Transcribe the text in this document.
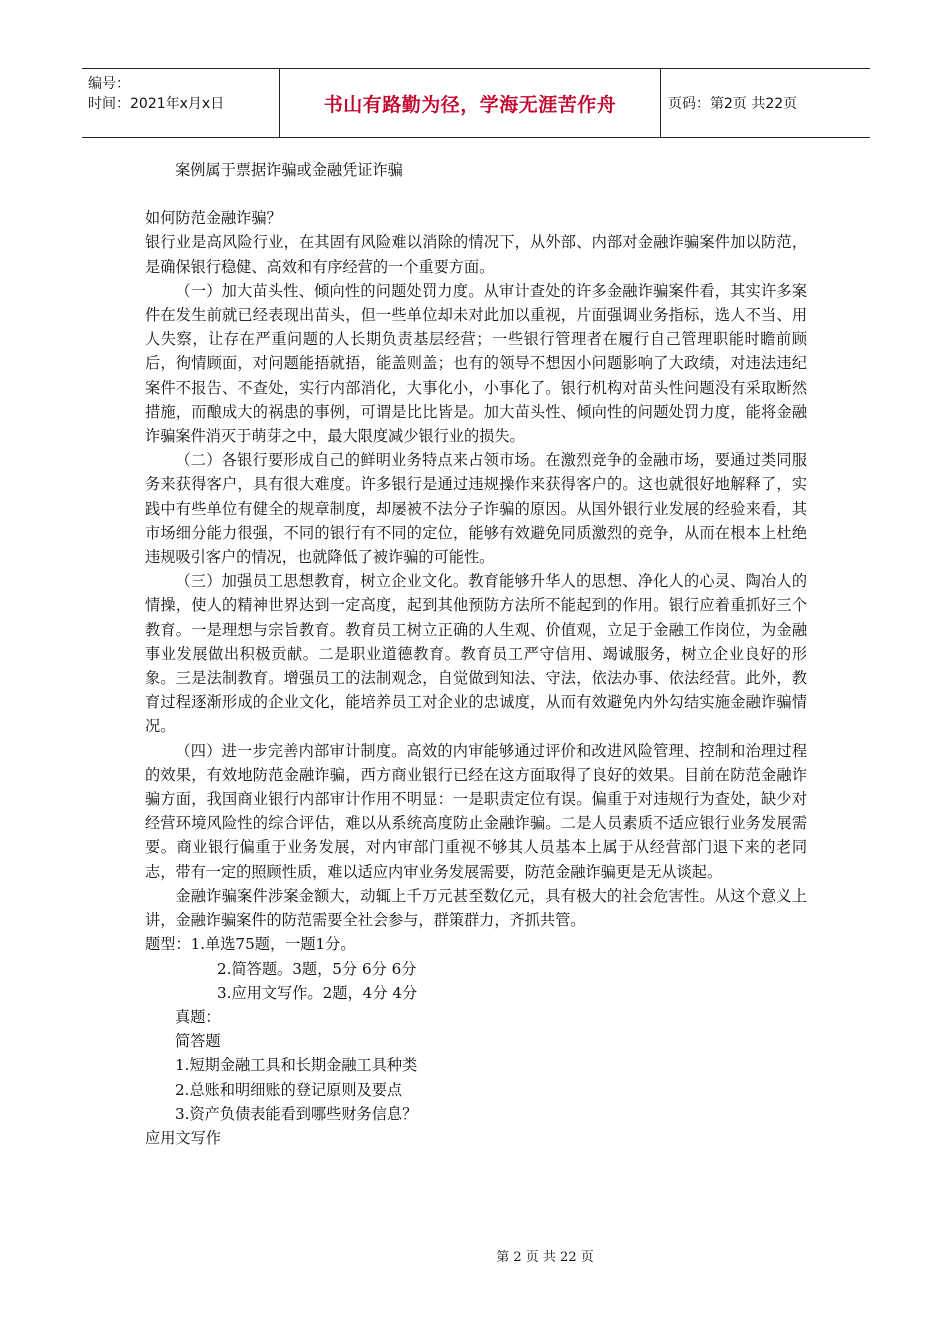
编号：
时间：2021年x月x日	书山有路勤为径，学海无涯苦作舟	页码：第2页 共22页

案例属于票据诈骗或金融凭证诈骗

如何防范金融诈骗？

银行业是高风险行业，在其固有风险难以消除的情况下，从外部、内部对金融诈骗案件加以防范，是确保银行稳健、高效和有序经营的一个重要方面。

（一）加大苗头性、倾向性的问题处罚力度。从审计查处的许多金融诈骗案件看，其实许多案件在发生前就已经表现出苗头，但一些单位却未对此加以重视，片面强调业务指标，选人不当、用人失察，让存在严重问题的人长期负责基层经营；一些银行管理者在履行自己管理职能时瞻前顾后，徇情顾面，对问题能捂就捂，能盖则盖；也有的领导不想因小问题影响了大政绩，对违法违纪案件不报告、不查处，实行内部消化，大事化小，小事化了。银行机构对苗头性问题没有采取断然措施，而酿成大的祸患的事例，可谓是比比皆是。加大苗头性、倾向性的问题处罚力度，能将金融诈骗案件消灭于萌芽之中，最大限度减少银行业的损失。

（二）各银行要形成自己的鲜明业务特点来占领市场。在激烈竞争的金融市场，要通过类同服务来获得客户，具有很大难度。许多银行是通过违规操作来获得客户的。这也就很好地解释了，实践中有些单位有健全的规章制度，却屡被不法分子诈骗的原因。从国外银行业发展的经验来看，其市场细分能力很强，不同的银行有不同的定位，能够有效避免同质激烈的竞争，从而在根本上杜绝违规吸引客户的情况，也就降低了被诈骗的可能性。

（三）加强员工思想教育，树立企业文化。教育能够升华人的思想、净化人的心灵、陶冶人的情操，使人的精神世界达到一定高度，起到其他预防方法所不能起到的作用。银行应着重抓好三个教育。一是理想与宗旨教育。教育员工树立正确的人生观、价值观，立足于金融工作岗位，为金融事业发展做出积极贡献。二是职业道德教育。教育员工严守信用、竭诚服务，树立企业良好的形象。三是法制教育。增强员工的法制观念，自觉做到知法、守法，依法办事、依法经营。此外，教育过程逐渐形成的企业文化，能培养员工对企业的忠诚度，从而有效避免内外勾结实施金融诈骗情况。

（四）进一步完善内部审计制度。高效的内审能够通过评价和改进风险管理、控制和治理过程的效果，有效地防范金融诈骗，西方商业银行已经在这方面取得了良好的效果。目前在防范金融诈骗方面，我国商业银行内部审计作用不明显：一是职责定位有误。偏重于对违规行为查处，缺少对经营环境风险性的综合评估，难以从系统高度防止金融诈骗。二是人员素质不适应银行业务发展需要。商业银行偏重于业务发展，对内审部门重视不够其人员基本上属于从经营部门退下来的老同志，带有一定的照顾性质，难以适应内审业务发展需要，防范金融诈骗更是无从谈起。

金融诈骗案件涉案金额大，动辄上千万元甚至数亿元，具有极大的社会危害性。从这个意义上讲，金融诈骗案件的防范需要全社会参与，群策群力，齐抓共管。

题型：1.单选75题，一题1分。

2.简答题。3题，5分 6分 6分

3.应用文写作。2题，4分 4分

真题：

简答题

1.短期金融工具和长期金融工具种类

2.总账和明细账的登记原则及要点

3.资产负债表能看到哪些财务信息？

应用文写作

第 2 页 共 22 页
